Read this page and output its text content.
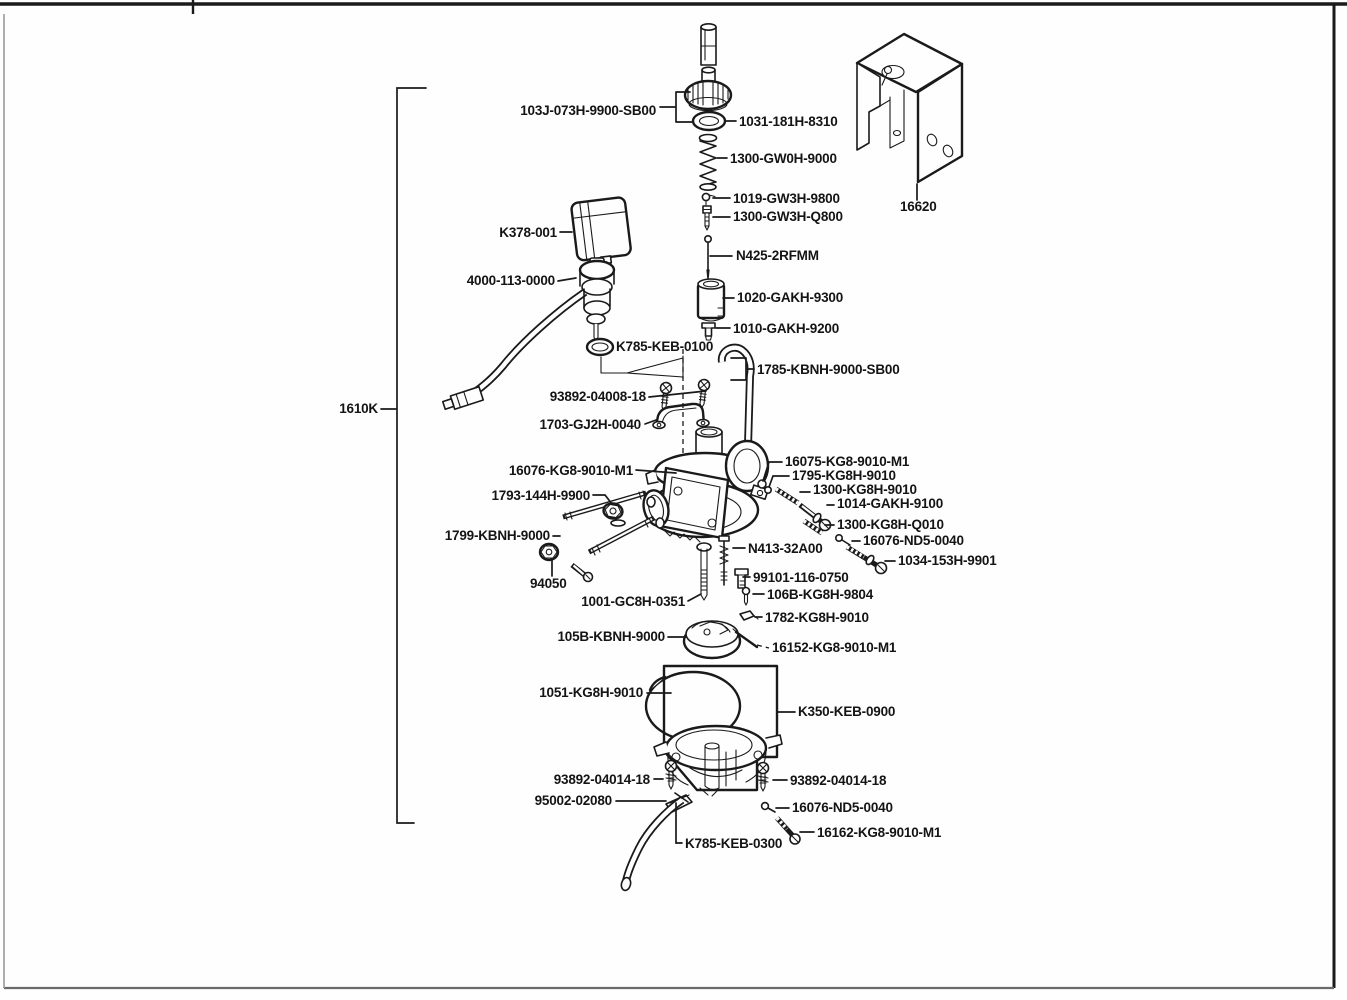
103J-073H-9900-SB00
1031-181H-8310
1300-GW0H-9000
1019-GW3H-9800
1300-GW3H-Q800
N425-2RFMM
1020-GAKH-9300
1010-GAKH-9200
16620
K378-001
4000-113-0000
K785-KEB-0100
1785-KBNH-9000-SB00
93892-04008-18
1703-GJ2H-0040
16076-KG8-9010-M1
1793-144H-9900
1799-KBNH-9000
94050
1001-GC8H-0351
N413-32A00
99101-116-0750
106B-KG8H-9804
1782-KG8H-9010
16075-KG8-9010-M1
1795-KG8H-9010
1300-KG8H-9010
1014-GAKH-9100
1300-KG8H-Q010
16076-ND5-0040
1034-153H-9901
105B-KBNH-9000
16152-KG8-9010-M1
1051-KG8H-9010
K350-KEB-0900
93892-04014-18	93892-04014-18
95002-02080	16076-ND5-0040
16162-KG8-9010-M1
K785-KEB-0300
1610K
